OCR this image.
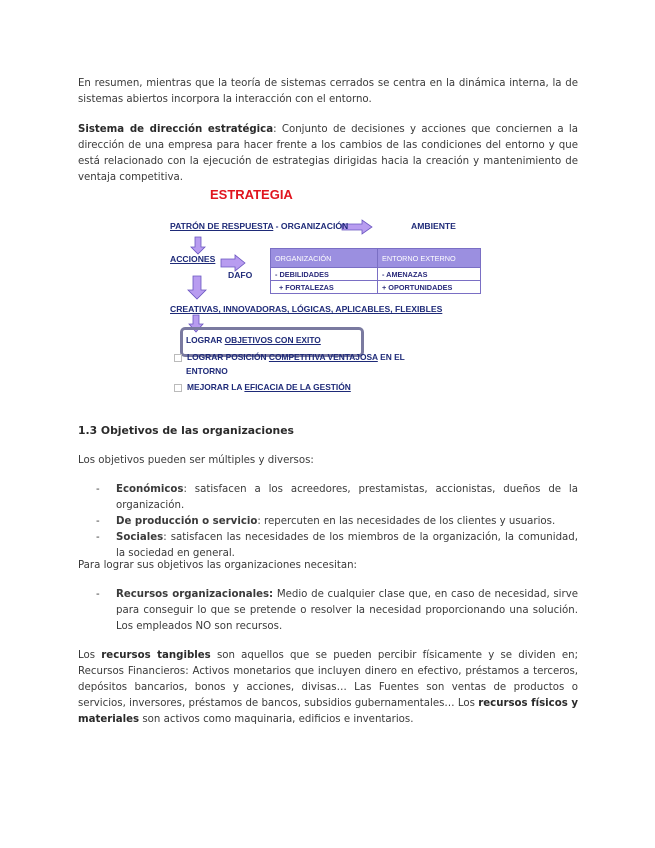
En resumen, mientras que la teoría de sistemas cerrados se centra en la dinámica interna, la de sistemas abiertos incorpora la interacción con el entorno.

Sistema de dirección estratégica: Conjunto de decisiones y acciones que conciernen a la dirección de una empresa para hacer frente a los cambios de las condiciones del entorno y que está relacionado con la ejecución de estrategias dirigidas hacia la creación y mantenimiento de ventaja competitiva.

ESTRATEGIA
PATRÓN DE RESPUESTA - ORGANIZACIÓN	AMBIENTE
ACCIONES
DAFO
ORGANIZACIÓN	ENTORNO EXTERNO
- DEBILIDADES	- AMENAZAS
+ FORTALEZAS	+ OPORTUNIDADES
CREATIVAS, INNOVADORAS, LÓGICAS, APLICABLES, FLEXIBLES
LOGRAR OBJETIVOS CON EXITO
LOGRAR POSICIÓN COMPETITIVA VENTAJOSA EN EL
ENTORNO
MEJORAR LA EFICACIA DE LA GESTIÓN
1.3 Objetivos de las organizaciones

Los objetivos pueden ser múltiples y diversos:

- Económicos: satisfacen a los acreedores, prestamistas, accionistas, dueños de la organización.
- De producción o servicio: repercuten en las necesidades de los clientes y usuarios.
- Sociales: satisfacen las necesidades de los miembros de la organización, la comunidad, la sociedad en general.

Para lograr sus objetivos las organizaciones necesitan:

- Recursos organizacionales: Medio de cualquier clase que, en caso de necesidad, sirve para conseguir lo que se pretende o resolver la necesidad proporcionando una solución. Los empleados NO son recursos.

Los recursos tangibles son aquellos que se pueden percibir físicamente y se dividen en; Recursos Financieros: Activos monetarios que incluyen dinero en efectivo, préstamos a terceros, depósitos bancarios, bonos y acciones, divisas… Las Fuentes son ventas de productos o servicios, inversores, préstamos de bancos, subsidios gubernamentales… Los recursos físicos y materiales son activos como maquinaria, edificios e inventarios.
